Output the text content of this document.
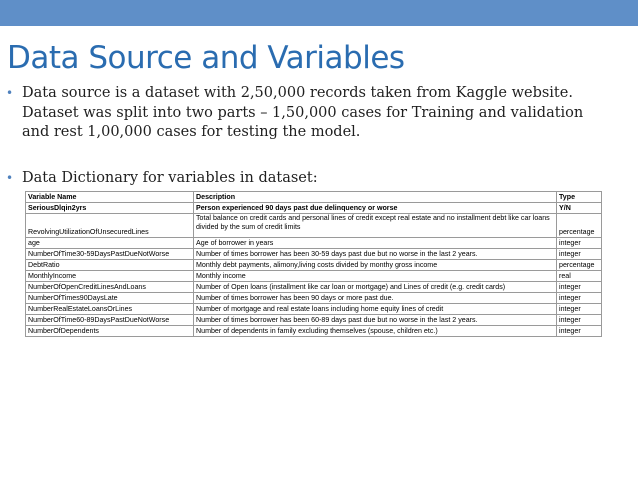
Data Source and Variables
• Data source is a dataset with 2,50,000 records taken from Kaggle website. Dataset was split into two parts – 1,50,000 cases for Training and validation and rest 1,00,000 cases for testing the model.
• Data Dictionary for variables in dataset:
Variable Name	Description	Type
SeriousDlqin2yrs	Person experienced 90 days past due delinquency or worse	Y/N
RevolvingUtilizationOfUnsecuredLines	Total balance on credit cards and personal lines of credit except real estate and no installment debt like car loans divided by the sum of credit limits	percentage
age	Age of borrower in years	integer
NumberOfTime30-59DaysPastDueNotWorse	Number of times borrower has been 30-59 days past due but no worse in the last 2 years.	integer
DebtRatio	Monthly debt payments, alimony,living costs divided by monthy gross income	percentage
MonthlyIncome	Monthly income	real
NumberOfOpenCreditLinesAndLoans	Number of Open loans (installment like car loan or mortgage) and Lines of credit (e.g. credit cards)	integer
NumberOfTimes90DaysLate	Number of times borrower has been 90 days or more past due.	integer
NumberRealEstateLoansOrLines	Number of mortgage and real estate loans including home equity lines of credit	integer
NumberOfTime60-89DaysPastDueNotWorse	Number of times borrower has been 60-89 days past due but no worse in the last 2 years.	integer
NumberOfDependents	Number of dependents in family excluding themselves (spouse, children etc.)	integer
